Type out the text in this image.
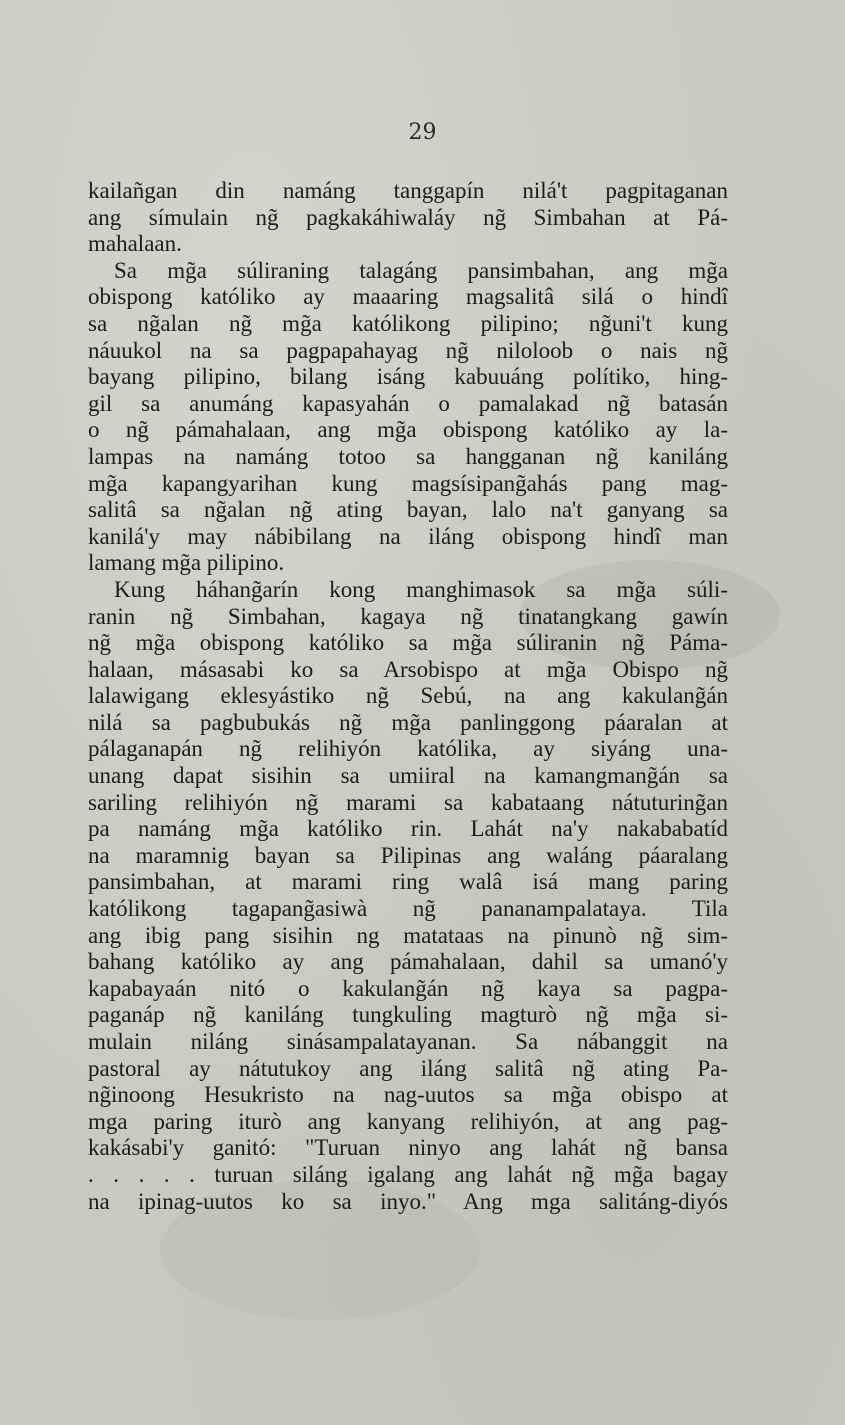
29

kailañgan din namáng tanggapín nilá't pagpitaganan
ang símulain ng̃ pagkakáhiwaláy ng̃ Simbahan at Pá-
mahalaan.
Sa mg̃a súliraning talagáng pansimbahan, ang mg̃a
obispong katóliko ay maaaring magsalitâ silá o hindî
sa ng̃alan ng̃ mg̃a katólikong pilipino; ng̃uni't kung
náuukol na sa pagpapahayag ng̃ niloloob o nais ng̃
bayang pilipino, bilang isáng kabuuáng polítiko, hing-
gil sa anumáng kapasyahán o pamalakad ng̃ batasán
o ng̃ pámahalaan, ang mg̃a obispong katóliko ay la-
lampas na namáng totoo sa hangganan ng̃ kaniláng
mg̃a kapangyarihan kung magsísipang̃ahás pang mag-
salitâ sa ng̃alan ng̃ ating bayan, lalo na't ganyang sa
kanilá'y may nábibilang na iláng obispong hindî man
lamang mg̃a pilipino.
Kung háhang̃arín kong manghimasok sa mg̃a súli-
ranin ng̃ Simbahan, kagaya ng̃ tinatangkang gawín
ng̃ mg̃a obispong katóliko sa mg̃a súliranin ng̃ Páma-
halaan, másasabi ko sa Arsobispo at mg̃a Obispo ng̃
lalawigang eklesyástiko ng̃ Sebú, na ang kakulang̃án
nilá sa pagbubukás ng̃ mg̃a panlinggong páaralan at
pálaganapán ng̃ relihiyón katólika, ay siyáng una-
unang dapat sisihin sa umiiral na kamangmang̃án sa
sariling relihiyón ng̃ marami sa kabataang nátuturing̃an
pa namáng mg̃a katóliko rin. Lahát na'y nakababatíd
na maramnig bayan sa Pilipinas ang waláng páaralang
pansimbahan, at marami ring walâ isá mang paring
katólikong tagapang̃asiwà ng̃ pananampalataya. Tila
ang ibig pang sisihin ng matataas na pinunò ng̃ sim-
bahang katóliko ay ang pámahalaan, dahil sa umanó'y
kapabayaán nitó o kakulang̃án ng̃ kaya sa pagpa-
paganáp ng̃ kaniláng tungkuling magturò ng̃ mg̃a si-
mulain niláng sinásampalatayanan. Sa nábanggit na
pastoral ay nátutukoy ang iláng salitâ ng̃ ating Pa-
ng̃inoong Hesukristo na nag-uutos sa mg̃a obispo at
mga paring iturò ang kanyang relihiyón, at ang pag-
kakásabi'y ganitó: "Turuan ninyo ang lahát ng̃ bansa
. . . . . turuan siláng igalang ang lahát ng̃ mg̃a bagay
na ipinag-uutos ko sa inyo." Ang mga salitáng-diyós
